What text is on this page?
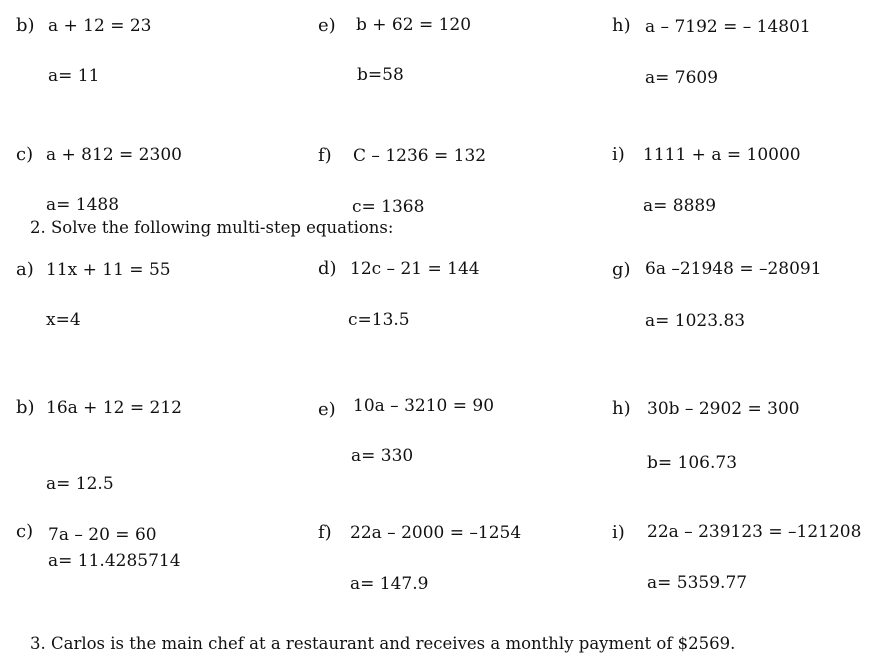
b) a + 12 = 23
a= 11
e) b + 62 = 120
b=58
h) a – 7192 = – 14801
a= 7609
c) a + 812 = 2300
a= 1488
f) C – 1236 = 132
c= 1368
i) 1111 + a = 10000
a= 8889
2. Solve the following multi-step equations:
a) 11x + 11 = 55
x=4
d) 12c – 21 = 144
c=13.5
g) 6a –21948 = –28091
a= 1023.83
b) 16a + 12 = 212
a= 12.5
e) 10a – 3210 = 90
a= 330
h) 30b – 2902 = 300
b= 106.73
c) 7a – 20 = 60
a= 11.4285714
f) 22a – 2000 = –1254
a= 147.9
i) 22a – 239123 = –121208
a= 5359.77
3. Carlos is the main chef at a restaurant and receives a monthly payment of $2569.
